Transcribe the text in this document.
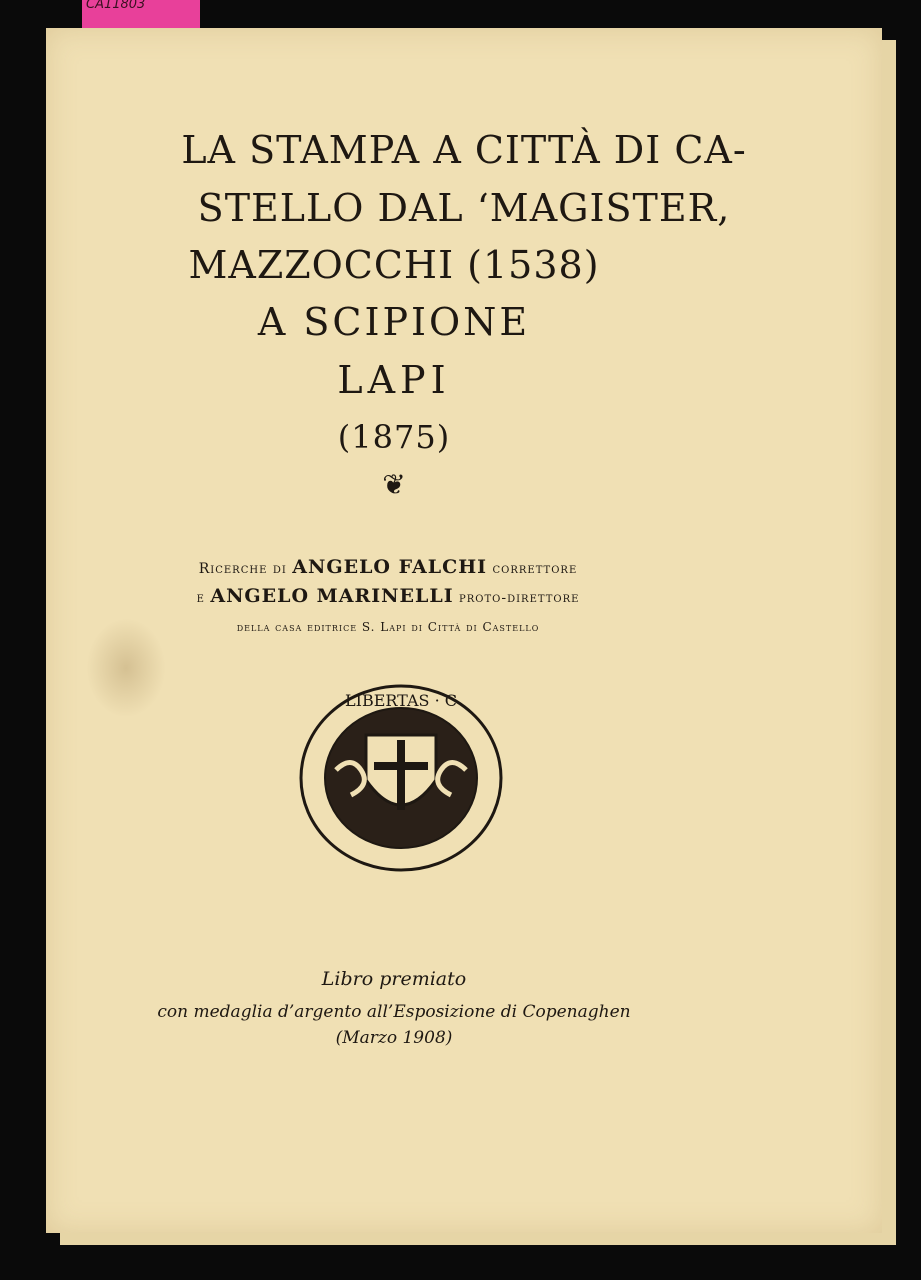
CA11803
LA STAMPA A CITTÀ DI CA-
STELLO DAL ‘MAGISTER,
MAZZOCCHI (1538)
A SCIPIONE
LAPI
(1875)
❦
Ricerche di ANGELO FALCHI correttore
e ANGELO MARINELLI proto-direttore
della casa editrice S. Lapi di Città di Castello
LIBERTAS · C
Libro premiato
con medaglia d’argento all’Esposizione di Copenaghen
(Marzo 1908)
